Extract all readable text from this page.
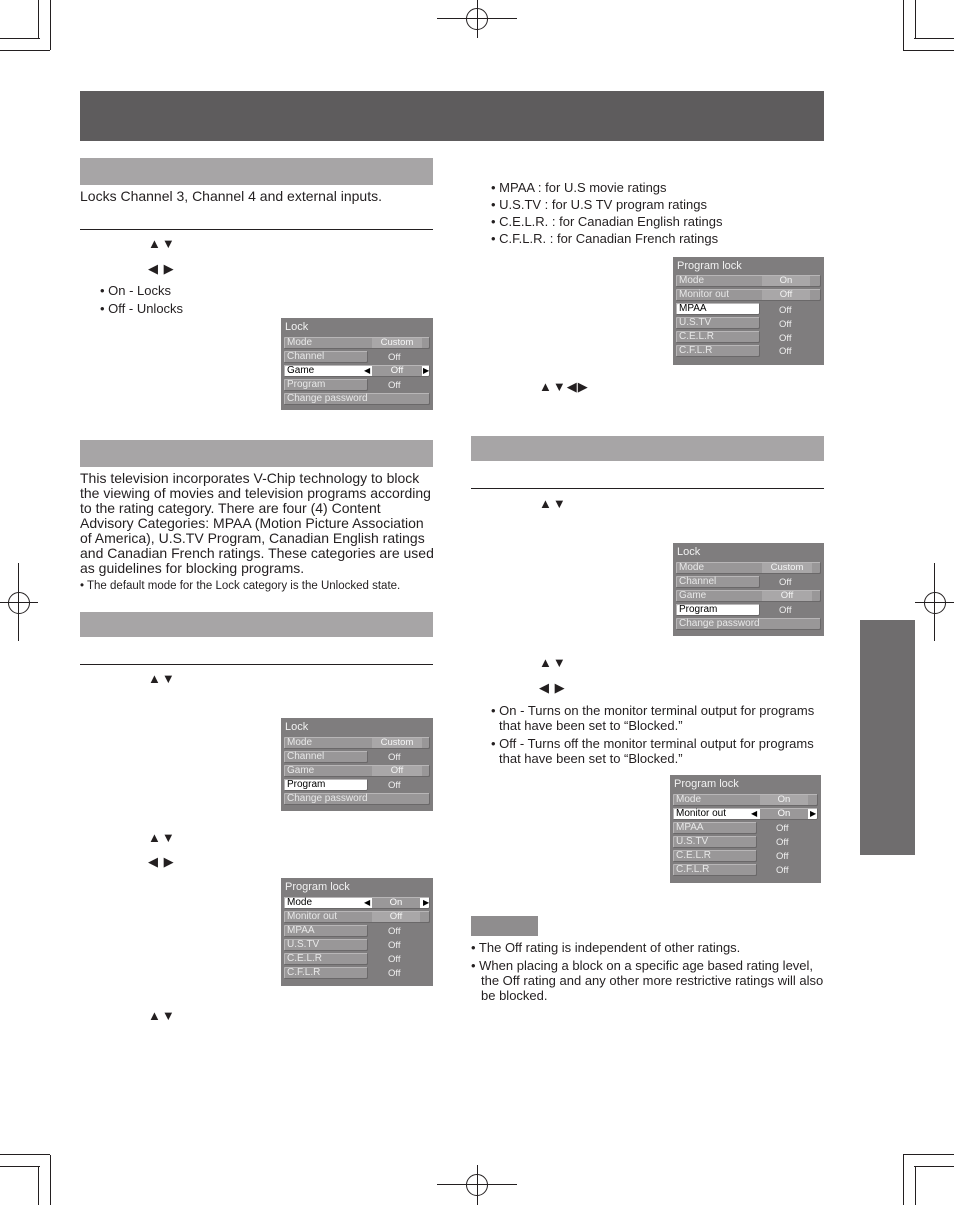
Locks Channel 3, Channel 4 and external inputs.
▲▼
◀ ▶
• On - Locks
• Off - Unlocks
Lock
Mode	Custom
Channel	Off
Game	◀	Off	▶
Program	Off
Change password
This television incorporates V-Chip technology to block the viewing of movies and television programs according to the rating category. There are four (4) Content Advisory Categories: MPAA (Motion Picture Association of America), U.S.TV Program, Canadian English ratings and Canadian French ratings. These categories are used as guidelines for blocking programs.
• The default mode for the Lock category is the Unlocked state.
▲▼
Lock
Mode	Custom
Channel	Off
Game	Off
Program	Off
Change password
▲▼
◀ ▶
Program lock
Mode	◀	On	▶
Monitor out	Off
MPAA	Off
U.S.TV	Off
C.E.L.R	Off
C.F.L.R	Off
▲▼
• MPAA : for U.S movie ratings
• U.S.TV : for U.S TV program ratings
• C.E.L.R. : for Canadian English ratings
• C.F.L.R. : for Canadian French ratings
Program lock
Mode	On
Monitor out	Off
MPAA	Off
U.S.TV	Off
C.E.L.R	Off
C.F.L.R	Off
▲▼◀▶
▲▼
Lock
Mode	Custom
Channel	Off
Game	Off
Program	Off
Change password
▲▼
◀ ▶
• On - Turns on the monitor terminal output for programs
that have been set to “Blocked.”
• Off - Turns off the monitor terminal output for programs
that have been set to “Blocked.”
Program lock
Mode	On
Monitor out	◀	On	▶
MPAA	Off
U.S.TV	Off
C.E.L.R	Off
C.F.L.R	Off
• The Off rating is independent of other ratings.
• When placing a block on a specific age based rating level,
the Off rating and any other more restrictive ratings will also
be blocked.
